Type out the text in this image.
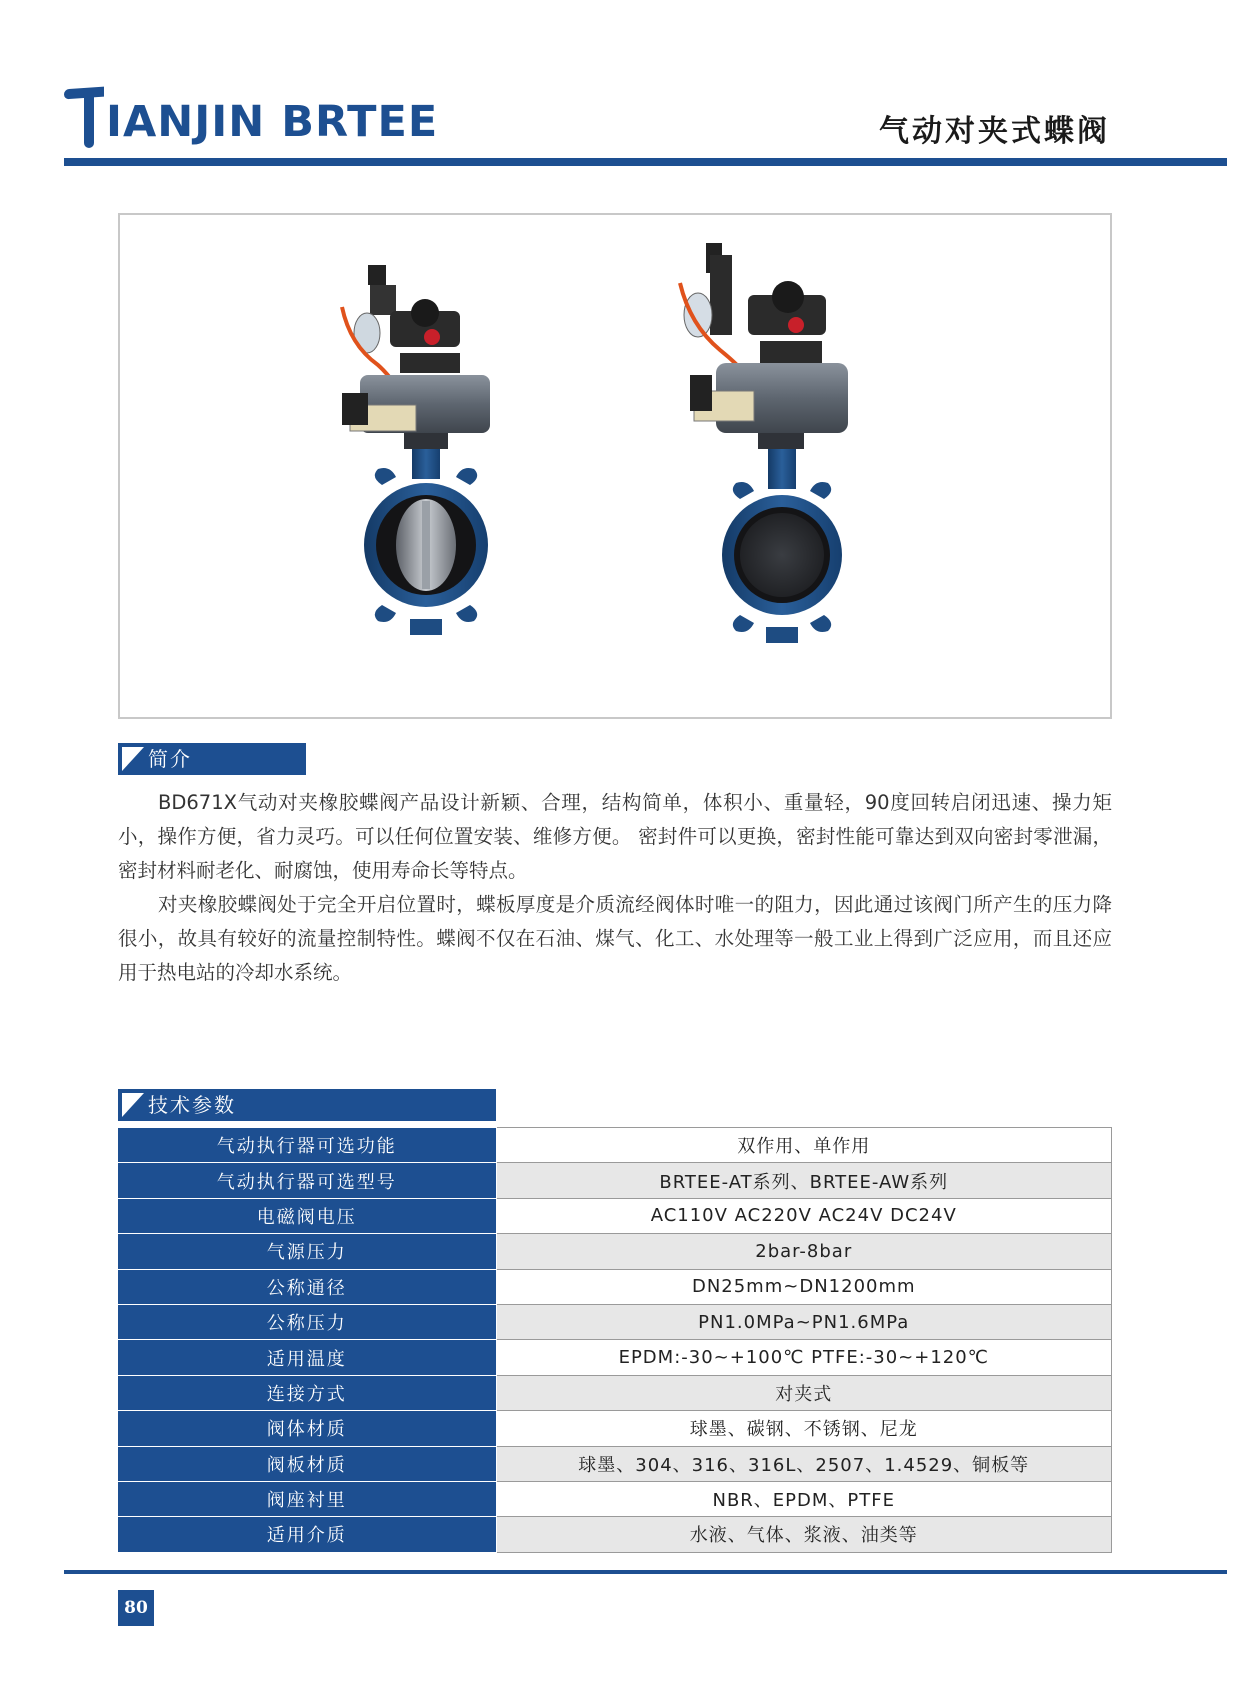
IANJIN BRTEE	气动对夹式蝶阀
简介

BD671X气动对夹橡胶蝶阀产品设计新颖、合理，结构简单，体积小、重量轻，90度回转启闭迅速、操力矩小，操作方便，省力灵巧。可以任何位置安装、维修方便。 密封件可以更换，密封性能可靠达到双向密封零泄漏，密封材料耐老化、耐腐蚀，使用寿命长等特点。

对夹橡胶蝶阀处于完全开启位置时，蝶板厚度是介质流经阀体时唯一的阻力，因此通过该阀门所产生的压力降很小，故具有较好的流量控制特性。蝶阀不仅在石油、煤气、化工、水处理等一般工业上得到广泛应用，而且还应用于热电站的冷却水系统。

技术参数
气动执行器可选功能	双作用、单作用
气动执行器可选型号	BRTEE-AT系列、BRTEE-AW系列
电磁阀电压	AC110V AC220V AC24V DC24V
气源压力	2bar-8bar
公称通径	DN25mm~DN1200mm
公称压力	PN1.0MPa~PN1.6MPa
适用温度	EPDM:-30~+100℃ PTFE:-30~+120℃
连接方式	对夹式
阀体材质	球墨、碳钢、不锈钢、尼龙
阀板材质	球墨、304、316、316L、2507、1.4529、铜板等
阀座衬里	NBR、EPDM、PTFE
适用介质	水液、气体、浆液、油类等
80
